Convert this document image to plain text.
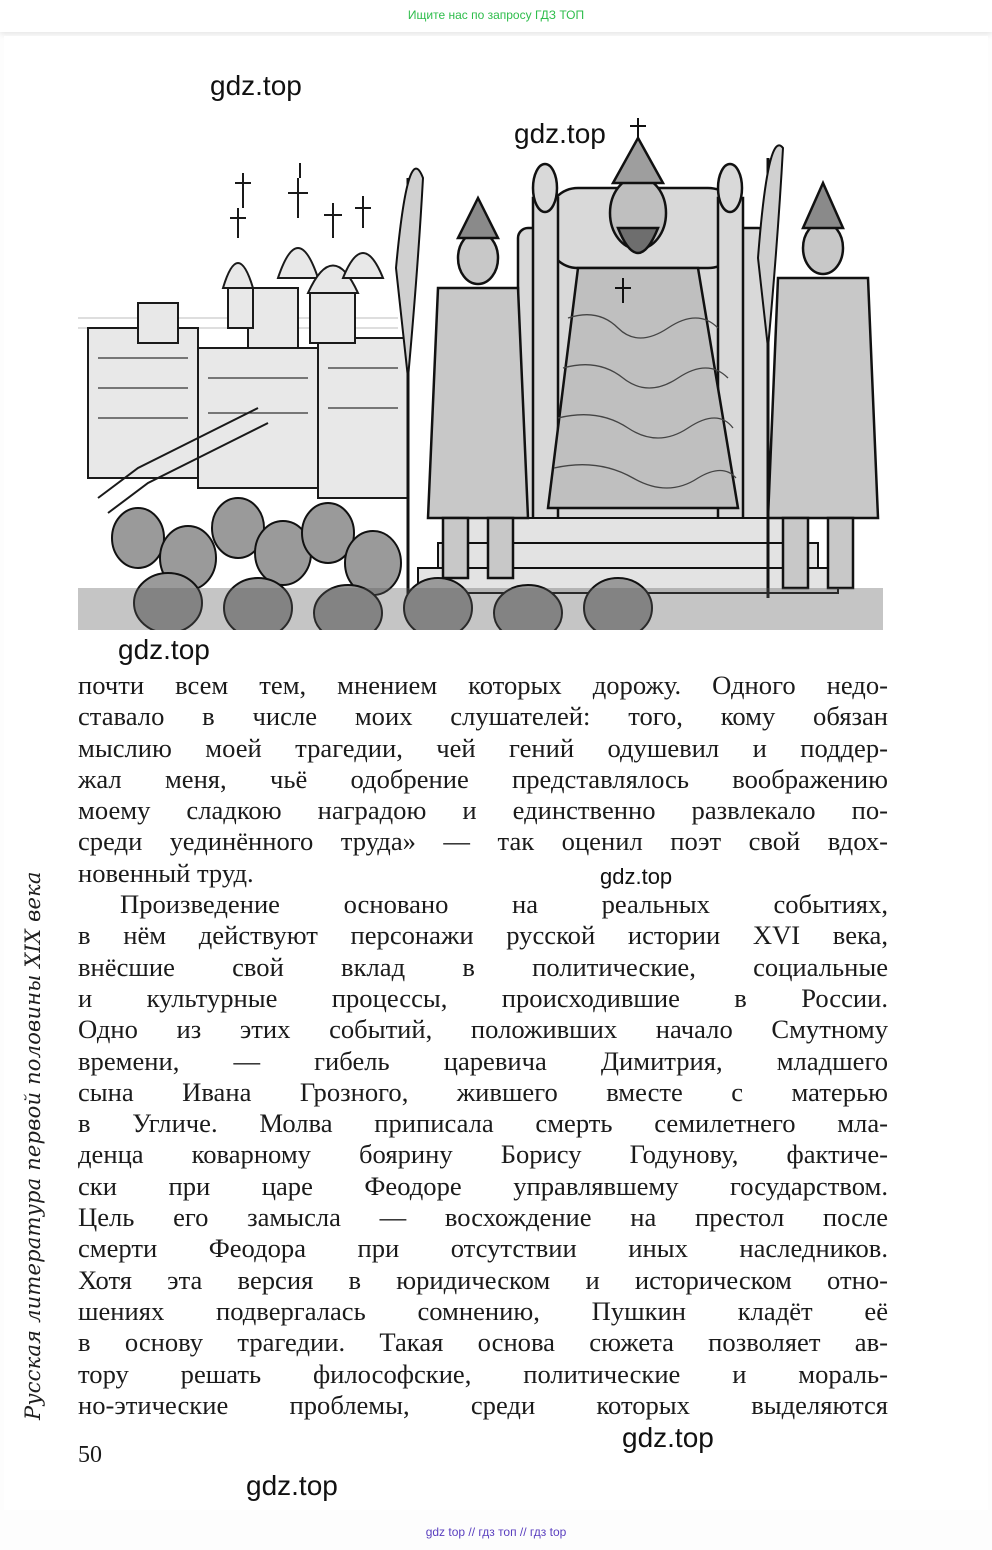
Ищите нас по запросу ГДЗ ТОП
gdz.top
gdz.top
gdz.top
gdz.top
gdz.top
gdz.top
Русская литература первой половины XIX века
почти всем тем, мнением которых дорожу. Одного недо-
ставало в числе моих слушателей: того, кому обязан
мыслию моей трагедии, чей гений одушевил и поддер-
жал меня, чьё одобрение представлялось воображению
моему сладкою наградою и единственно развлекало по-
среди уединённого труда» — так оценил поэт свой вдох-
новенный труд.
Произведение основано на реальных событиях,
в нём действуют персонажи русской истории XVI века,
внёсшие свой вклад в политические, социальные
и культурные процессы, происходившие в России.
Одно из этих событий, положивших начало Смутному
времени, — гибель царевича Димитрия, младшего
сына Ивана Грозного, жившего вместе с матерью
в Угличе. Молва приписала смерть семилетнего мла-
денца коварному боярину Борису Годунову, фактиче-
ски при царе Феодоре управлявшему государством.
Цель его замысла — восхождение на престол после
смерти Феодора при отсутствии иных наследников.
Хотя эта версия в юридическом и историческом отно-
шениях подвергалась сомнению, Пушкин кладёт её
в основу трагедии. Такая основа сюжета позволяет ав-
тору решать философские, политические и мораль-
но-этические проблемы, среди которых выделяются
50
gdz top // гдз топ // гдз top
